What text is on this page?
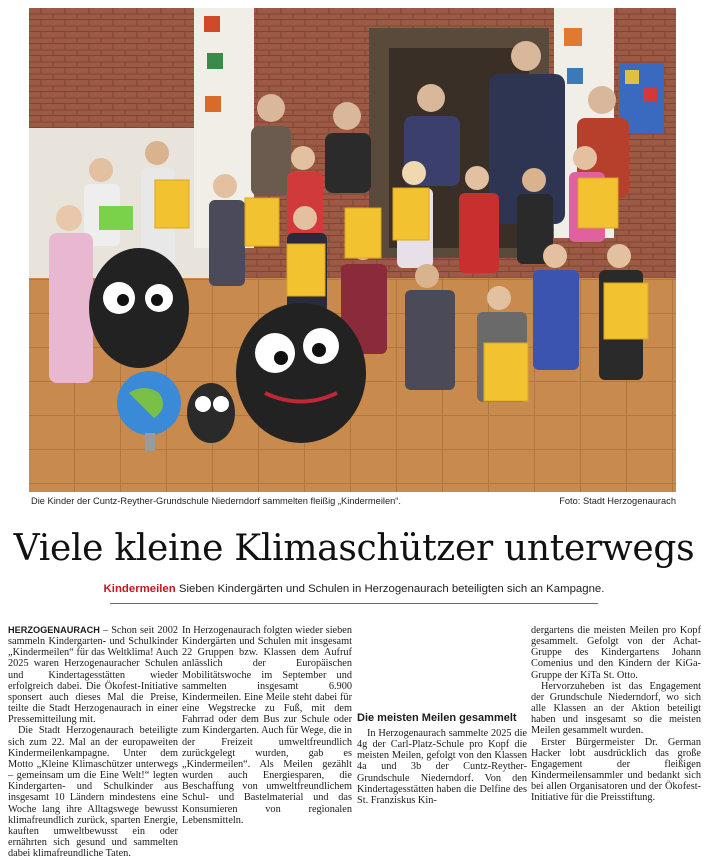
Die Kinder der Cuntz-Reyther-Grundschule Niederndorf sammelten fleißig „Kindermeilen“.	Foto: Stadt Herzogenaurach
Viele kleine Klimaschützer unterwegs
Kindermeilen Sieben Kindergärten und Schulen in Herzogenaurach beteiligten sich an Kampagne.

HERZOGENAURACH – Schon seit 2002 sammeln Kindergarten- und Schulkinder „Kindermeilen“ für das Weltklima! Auch 2025 waren Herzogenauracher Schulen und Kindertagesstätten wieder erfolgreich dabei. Die Ökofest-Initiative sponsert auch dieses Mal die Preise, teilte die Stadt Herzogenaurach in einer Pressemitteilung mit.

Die Stadt Herzogenaurach beteiligte sich zum 22. Mal an der europaweiten Kindermeilenkampagne. Unter dem Motto „Kleine Klimaschützer unterwegs – gemeinsam um die Eine Welt!“ legten Kindergarten- und Schulkinder aus insgesamt 10 Ländern mindestens eine Woche lang ihre Alltagswege bewusst klimafreundlich zurück, sparten Energie, kauften umweltbewusst ein oder ernährten sich gesund und sammelten dabei klimafreundliche Taten.

In Herzogenaurach folgten wieder sieben Kindergärten und Schulen mit insgesamt 22 Gruppen bzw. Klassen dem Aufruf anlässlich der Europäischen Mobilitätswoche im September und sammelten insgesamt 6.900 Kindermeilen. Eine Meile steht dabei für eine Wegstrecke zu Fuß, mit dem Fahrrad oder dem Bus zur Schule oder zum Kindergarten. Auch für Wege, die in der Freizeit umweltfreundlich zurückgelegt wurden, gab es „Kindermeilen“. Als Meilen gezählt wurden auch Energiesparen, die Beschaffung von umweltfreundlichem Schul- und Bastelmaterial und das Konsumieren von regionalen Lebensmitteln.

Die meisten Meilen gesammelt

In Herzogenaurach sammelte 2025 die 4g der Carl-Platz-Schule pro Kopf die meisten Meilen, gefolgt von den Klassen 4a und 3b der Cuntz-Reyther-Grundschule Niederndorf. Von den Kindertagesstätten haben die Delfine des St. Franziskus Kin-

dergartens die meisten Meilen pro Kopf gesammelt. Gefolgt von der Achat-Gruppe des Kindergartens Johann Comenius und den Kindern der KiGa-Gruppe der KiTa St. Otto.

Hervorzuheben ist das Engagement der Grundschule Niederndorf, wo sich alle Klassen an der Aktion beteiligt haben und insgesamt so die meisten Meilen gesammelt wurden.

Erster Bürgermeister Dr. German Hacker lobt ausdrücklich das große Engagement der fleißigen Kindermeilensammler und bedankt sich bei allen Organisatoren und der Ökofest-Initiative für die Preisstiftung.
